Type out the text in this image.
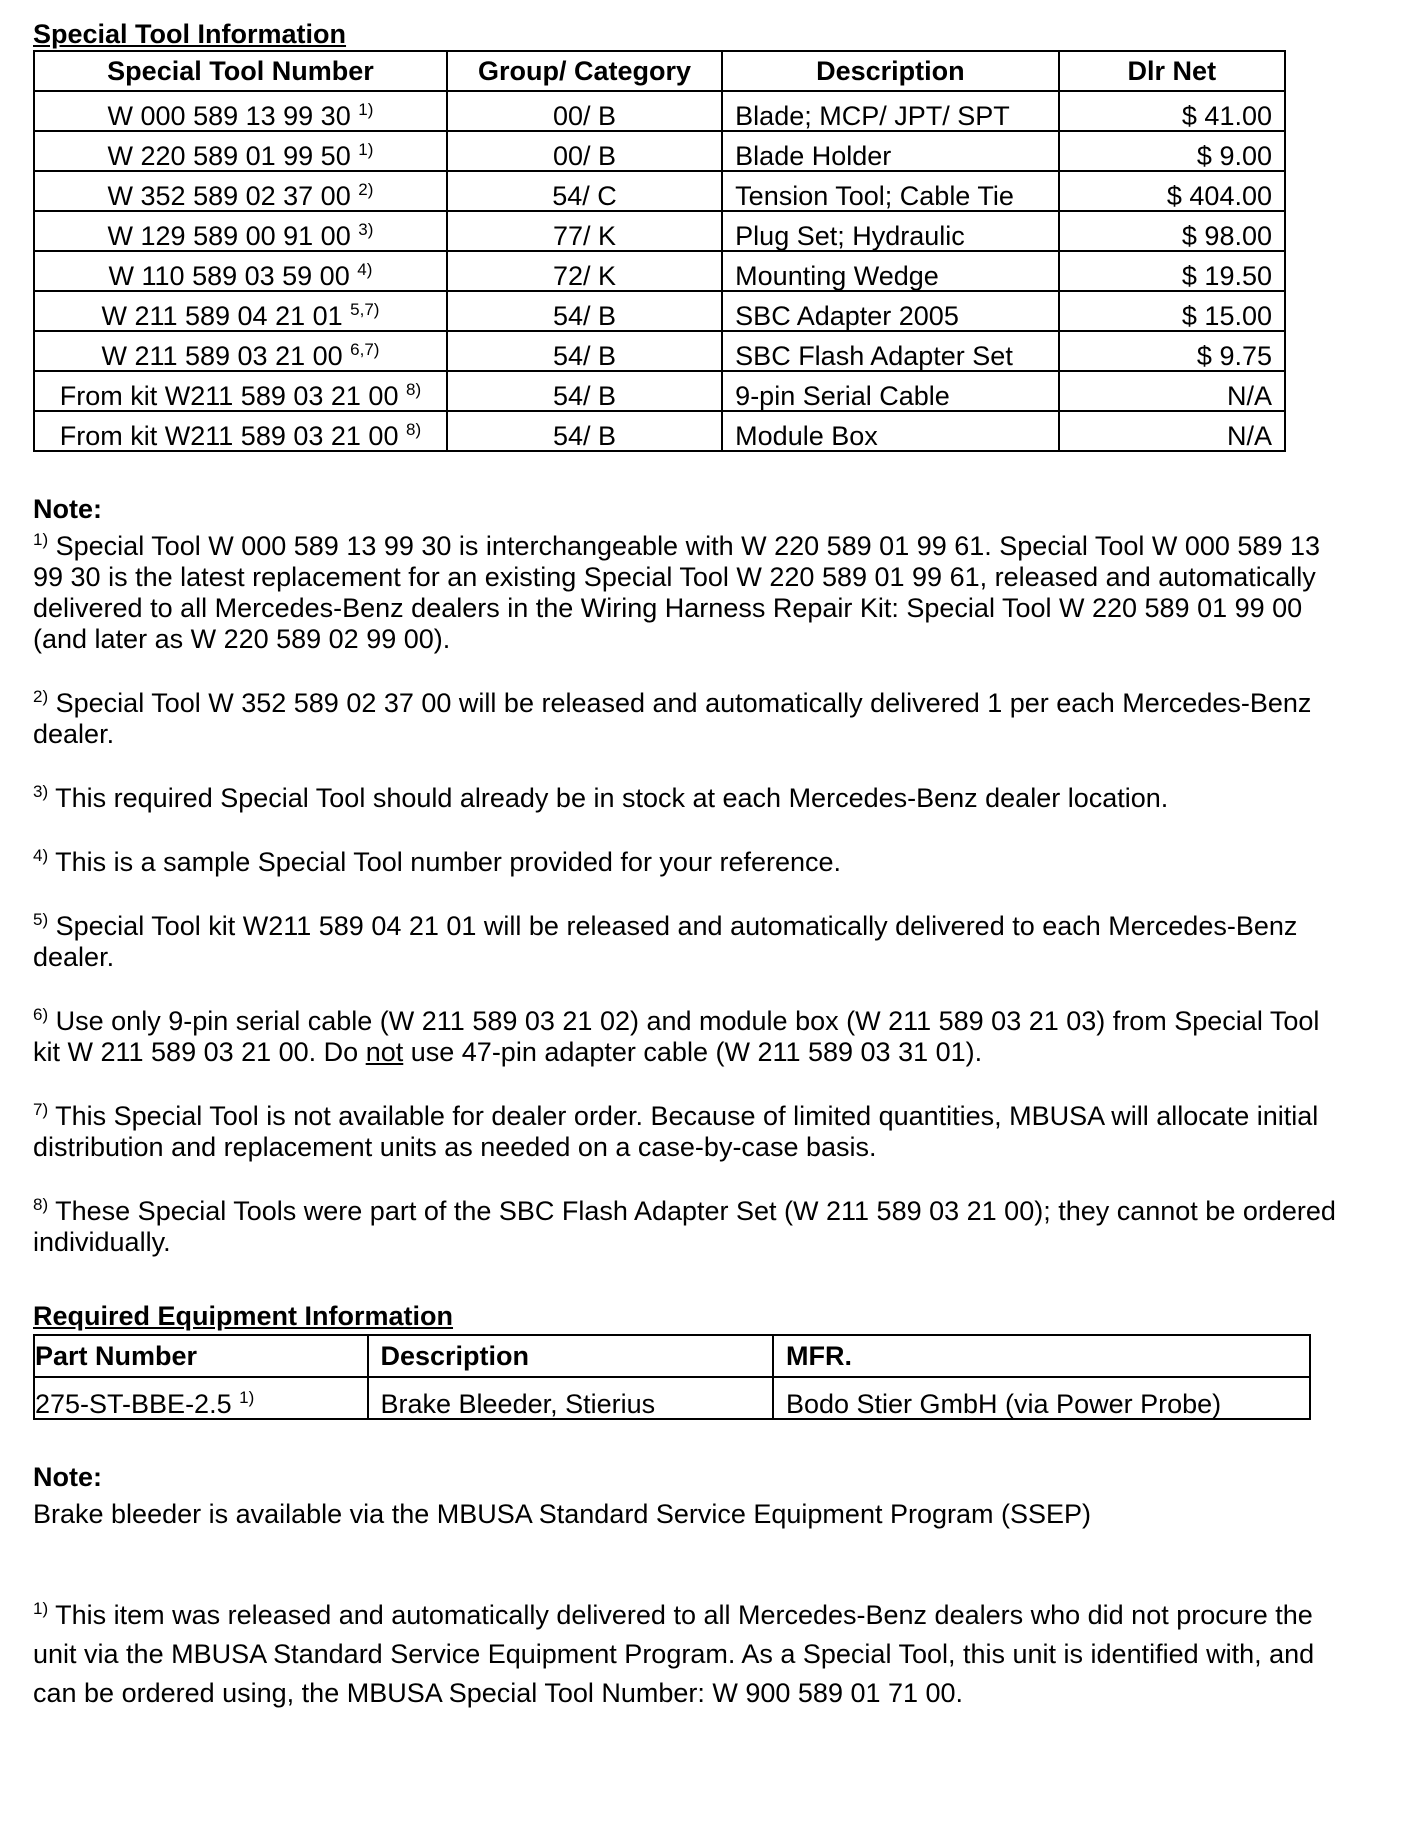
Special Tool Information
Special Tool Number	Group/ Category	Description	Dlr Net
W 000 589 13 99 30 $^{1)}$	00/ B	Blade; MCP/ JPT/ SPT	$ 41.00
W 220 589 01 99 50 $^{1)}$	00/ B	Blade Holder	$ 9.00
W 352 589 02 37 00 $^{2)}$	54/ C	Tension Tool; Cable Tie	$ 404.00
W 129 589 00 91 00 $^{3)}$	77/ K	Plug Set; Hydraulic	$ 98.00
W 110 589 03 59 00 $^{4)}$	72/ K	Mounting Wedge	$ 19.50
W 211 589 04 21 01 $^{5,7)}$	54/ B	SBC Adapter 2005	$ 15.00
W 211 589 03 21 00 $^{6,7)}$	54/ B	SBC Flash Adapter Set	$ 9.75
From kit W211 589 03 21 00 $^{8)}$	54/ B	9-pin Serial Cable	N/A
From kit W211 589 03 21 00 $^{8)}$	54/ B	Module Box	N/A
Note:

$^{1)}$ Special Tool W 000 589 13 99 30 is interchangeable with W 220 589 01 99 61. Special Tool W 000 589 13 99 30 is the latest replacement for an existing Special Tool W 220 589 01 99 61, released and automatically delivered to all Mercedes-Benz dealers in the Wiring Harness Repair Kit: Special Tool W 220 589 01 99 00 (and later as W 220 589 02 99 00).

$^{2)}$ Special Tool W 352 589 02 37 00 will be released and automatically delivered 1 per each Mercedes-Benz dealer.

$^{3)}$ This required Special Tool should already be in stock at each Mercedes-Benz dealer location.

$^{4)}$ This is a sample Special Tool number provided for your reference.

$^{5)}$ Special Tool kit W211 589 04 21 01 will be released and automatically delivered to each Mercedes-Benz dealer.

$^{6)}$ Use only 9-pin serial cable (W 211 589 03 21 02) and module box (W 211 589 03 21 03) from Special Tool kit W 211 589 03 21 00. Do not use 47-pin adapter cable (W 211 589 03 31 01).

$^{7)}$ This Special Tool is not available for dealer order. Because of limited quantities, MBUSA will allocate initial distribution and replacement units as needed on a case-by-case basis.

$^{8)}$ These Special Tools were part of the SBC Flash Adapter Set (W 211 589 03 21 00); they cannot be ordered individually.

Required Equipment Information
Part Number	Description	MFR.
275-ST-BBE-2.5 $^{1)}$	Brake Bleeder, Stierius	Bodo Stier GmbH (via Power Probe)
Note:

Brake bleeder is available via the MBUSA Standard Service Equipment Program (SSEP)

$^{1)}$ This item was released and automatically delivered to all Mercedes-Benz dealers who did not procure the unit via the MBUSA Standard Service Equipment Program. As a Special Tool, this unit is identified with, and can be ordered using, the MBUSA Special Tool Number: W 900 589 01 71 00.
